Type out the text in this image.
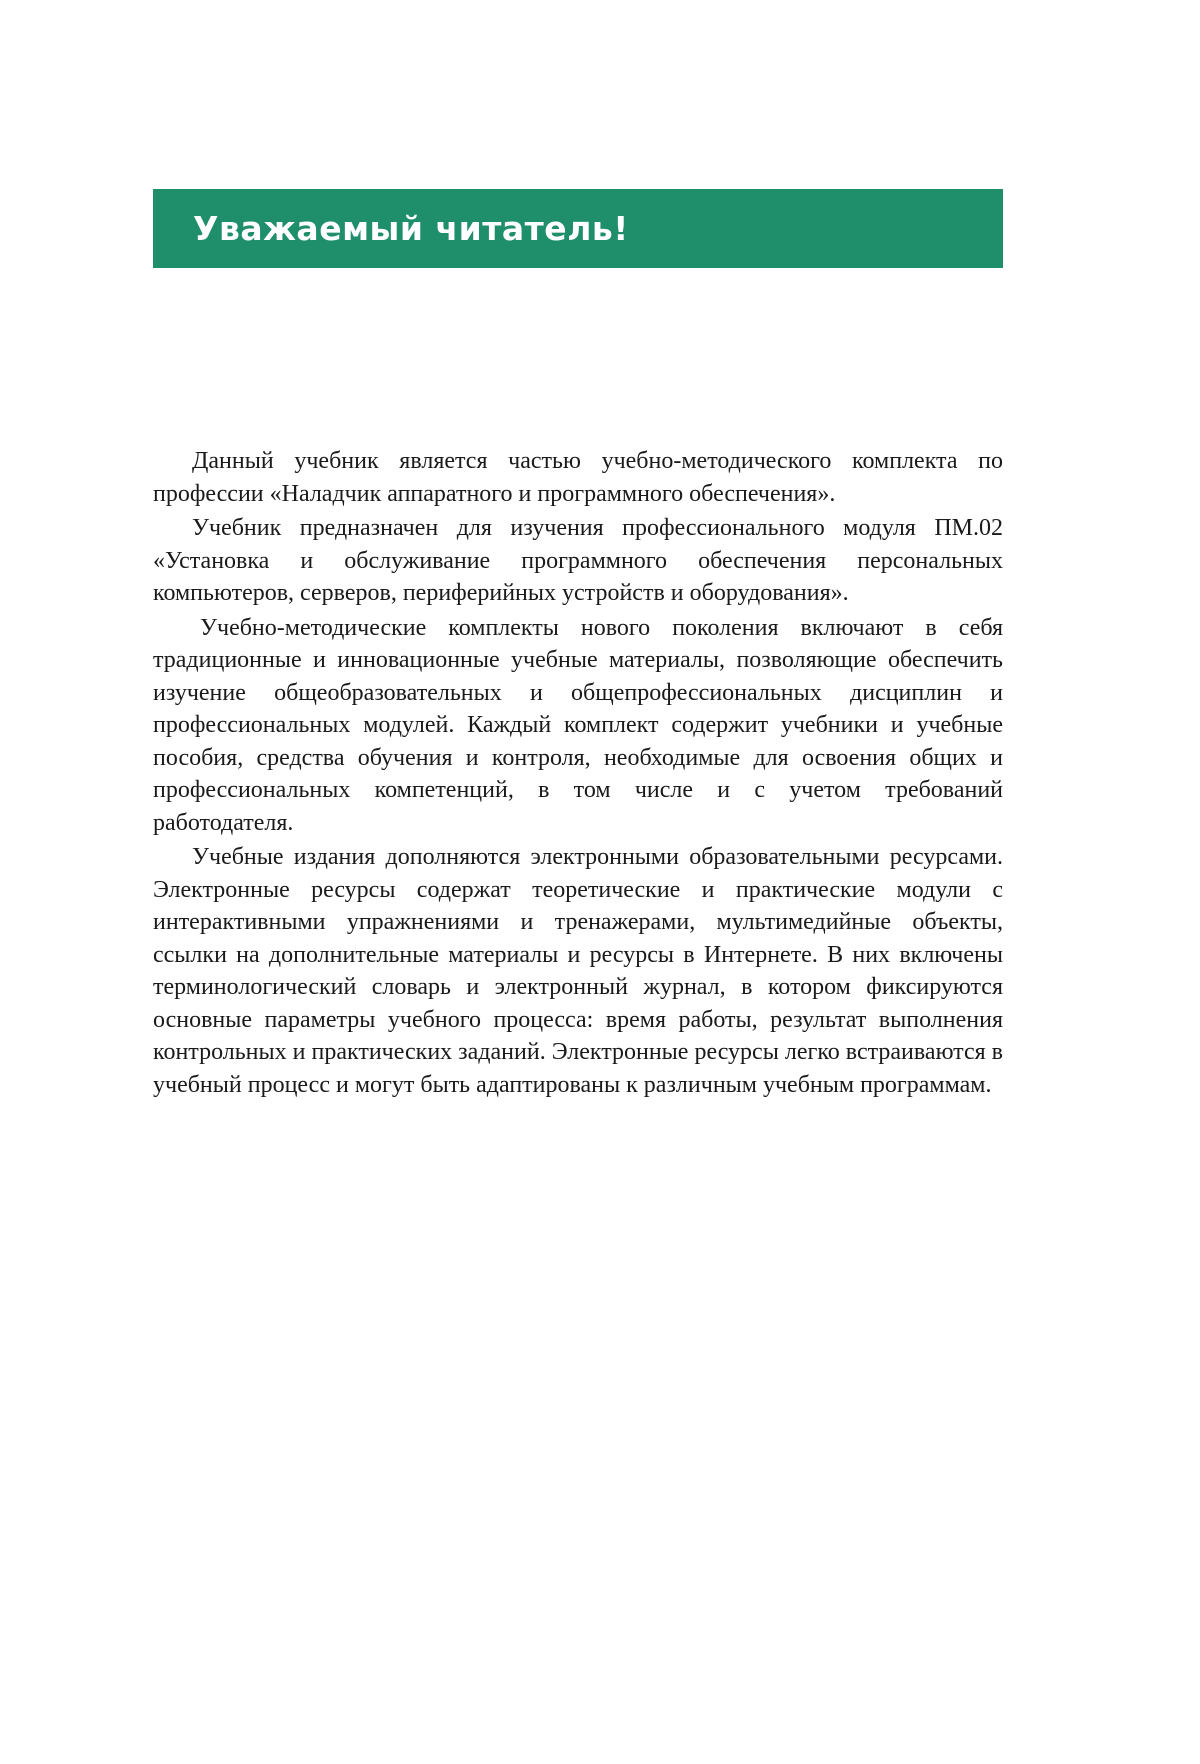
Уважаемый читатель!

Данный учебник является частью учебно-методического комплекта по профессии «Наладчик аппаратного и программного обеспечения».

Учебник предназначен для изучения профессионального модуля ПМ.02 «Установка и обслуживание программного обеспечения персональных компьютеров, серверов, периферийных устройств и оборудования».

Учебно-методические комплекты нового поколения включают в себя традиционные и инновационные учебные материалы, позволяющие обеспечить изучение общеобразовательных и общепрофессиональных дисциплин и профессиональных модулей. Каждый комплект содержит учебники и учебные пособия, средства обучения и контроля, необходимые для освоения общих и профессиональных компетенций, в том числе и с учетом требований работодателя.

Учебные издания дополняются электронными образовательными ресурсами. Электронные ресурсы содержат теоретические и практические модули с интерактивными упражнениями и тренажерами, мультимедийные объекты, ссылки на дополнительные материалы и ресурсы в Интернете. В них включены терминологический словарь и электронный журнал, в котором фиксируются основные параметры учебного процесса: время работы, результат выполнения контрольных и практических заданий. Электронные ресурсы легко встраиваются в учебный процесс и могут быть адаптированы к различным учебным программам.
